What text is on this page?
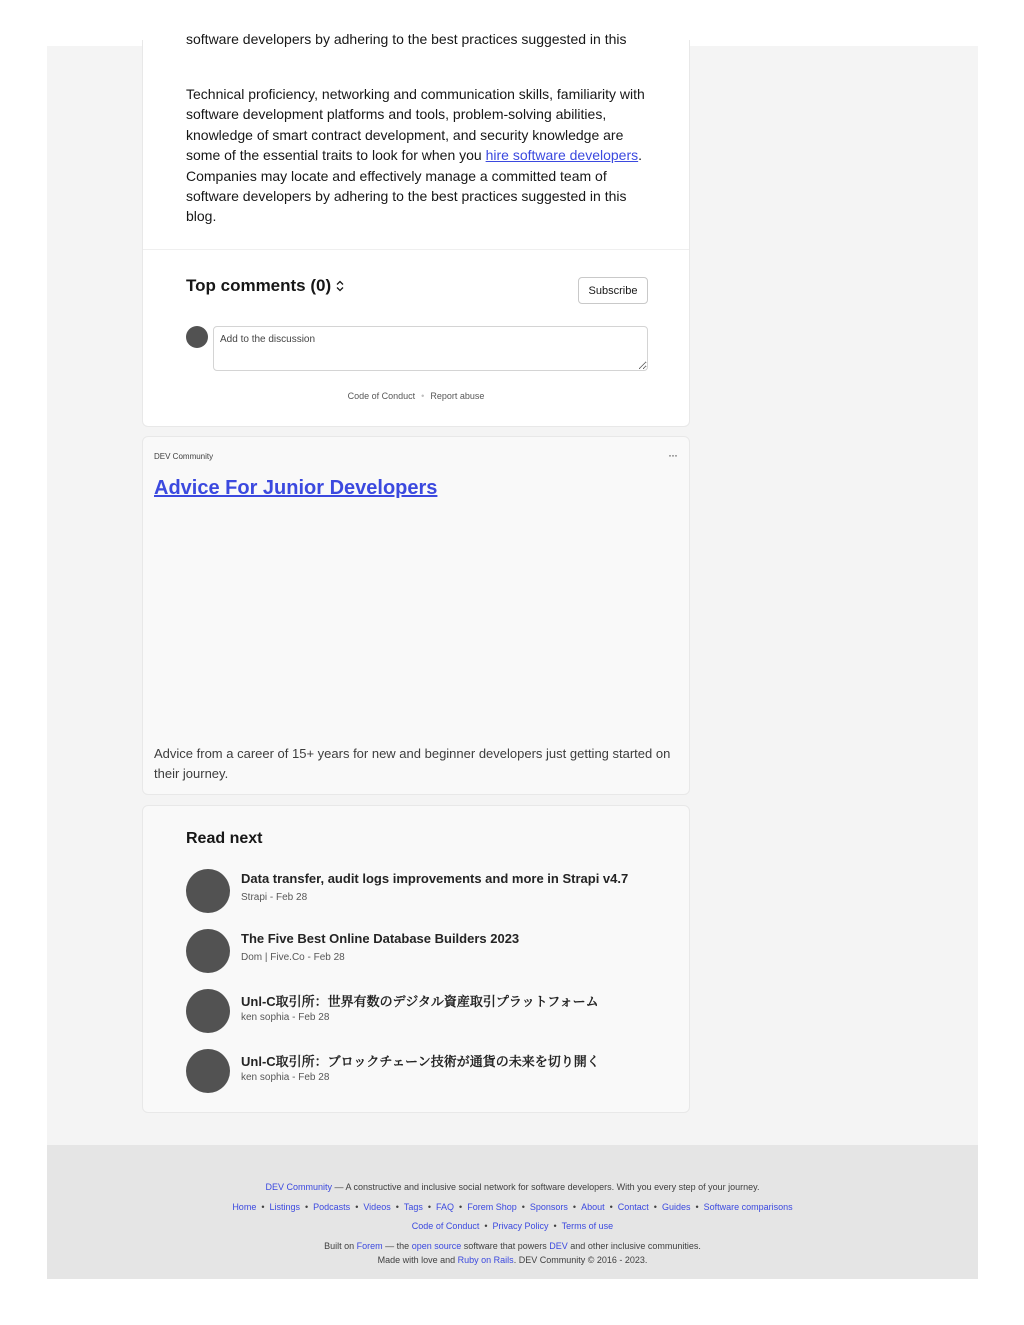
software developers by adhering to the best practices suggested in this

Technical proficiency, networking and communication skills, familiarity with software development platforms and tools, problem-solving abilities, knowledge of smart contract development, and security knowledge are some of the essential traits to look for when you hire software developers. Companies may locate and effectively manage a committed team of software developers by adhering to the best practices suggested in this blog.

Top comments (0)	Subscribe
Add to the discussion
Code of Conduct • Report abuse
DEV Community	···
Advice For Junior Developers

Advice from a career of 15+ years for new and beginner developers just getting started on their journey.

Read next
Data transfer, audit logs improvements and more in Strapi v4.7
Strapi - Feb 28
The Five Best Online Database Builders 2023
Dom | Five.Co - Feb 28
Unl-C取引所：世界有数のデジタル資産取引プラットフォーム
ken sophia - Feb 28
Unl-C取引所：ブロックチェーン技術が通貨の未来を切り開く
ken sophia - Feb 28
DEV Community — A constructive and inclusive social network for software developers. With you every step of your journey.
Home • Listings • Podcasts • Videos • Tags • FAQ • Forem Shop • Sponsors • About • Contact • Guides • Software comparisons
Code of Conduct • Privacy Policy • Terms of use
Built on Forem — the open source software that powers DEV and other inclusive communities.
Made with love and Ruby on Rails. DEV Community © 2016 - 2023.
